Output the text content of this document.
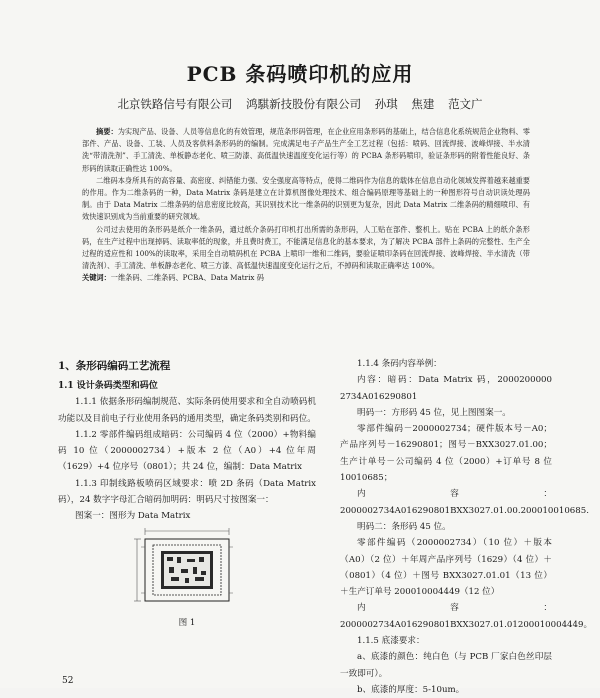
PCB 条码喷印机的应用
北京铁路信号有限公司 鸿騏新技股份有限公司 孙琪 焦建 范文广

摘要：为实现产品、设备、人员等信息化的有效管理，规范条形码管理，在企业应用条形码的基础上，结合信息化系统规范企业物料、零部件、产品、设备、工装、人员及客供料条形码的的编制。完成满足电子产品生产全工艺过程（包括：喷码、回流焊接、波峰焊接、半水清洗“带清洗剂”、手工清洗、单板静态老化、喷三防漆、高低温快速温度变化运行等）的 PCBA 条形码喷印，验证条形码的附着性能良好、条形码的读取正确性达 100%。

二维码本身所具有的高容量、高密度、纠错能力强、安全强度高等特点，使得二维码作为信息的载体在信息自动化领域发挥着越来越重要的作用。作为二维条码的一种，Data Matrix 条码是建立在计算机图像处理技术、组合编码原理等基础上的一种图形符号自动识读处理码制。由于 Data Matrix 二维条码的信息密度比较高，其识别技术比一维条码的识别更为复杂，因此 Data Matrix 二维条码的精细喷印、有效快速识别成为当前重要的研究领域。

公司过去使用的条形码是纸介一维条码，通过纸介条码打印机打出所需的条形码，人工贴在部件、整机上。贴在 PCBA 上的纸介条形码，在生产过程中出现掉码、读取率低的现象，并且费时费工，不能满足信息化的基本要求，为了解决 PCBA 部件上条码的完整性、生产全过程的适应性和 100%的读取率，采用全自动喷码机在 PCBA 上喷印一维和二维码，要验证喷印条码在回流焊接、波峰焊接、半水清洗（带清洗剂）、手工清洗、单板静态老化、喷三方漆、高低温快速温度变化运行之后，不掉码和读取正确率达 100%。

关键词：一维条码、二维条码、PCBA、Data Matrix 码

1、条形码编码工艺流程
1.1 设计条码类型和码位

1.1.1 依据条形码编制规范、实际条码使用要求和全自动喷码机功能以及目前电子行业使用条码的通用类型，确定条码类别和码位。

1.1.2 零部件编码组成暗码：公司编码 4 位（2000）+物料编码 10 位（2000002734）+版本 2 位（A0）+4 位年周（1629）+4 位序号（0801）；共 24 位，编制：Data Matrix

1.1.3 印制线路板喷码区域要求：喷 2D 条码（Data Matrix 码），24 数字字母汇合暗码加明码：明码尺寸按图案一：

图案一：图形为 Data Matrix

图 1

1.1.4 条码内容举例：

内容：暗码：Data Matrix 码，2000200000 2734A016290801

明码一：方形码 45 位，见上图图案一。

零部件编码－2000002734；硬件版本号－A0；产品序列号－16290801；图号－BXX3027.01.00；生产计单号－公司编码 4 位（2000）+订单号 8 位 10010685；

内容：2000002734A016290801BXX3027.01.00.200010010685.

明码二：条形码 45 位。

零部件编码（2000002734）（10 位）＋版本（A0）（2 位）＋年周产品序列号（1629）（4 位）＋（0801）（4 位）＋图号 BXX3027.01.01（13 位）＋生产订单号 200010004449（12 位）

内容：2000002734A016290801BXX3027.01.01200010004449。

1.1.5 底漆要求：

a、底漆的颜色：纯白色（与 PCB 厂家白色丝印层一致即可）。

b、底漆的厚度：5-10um。

52
